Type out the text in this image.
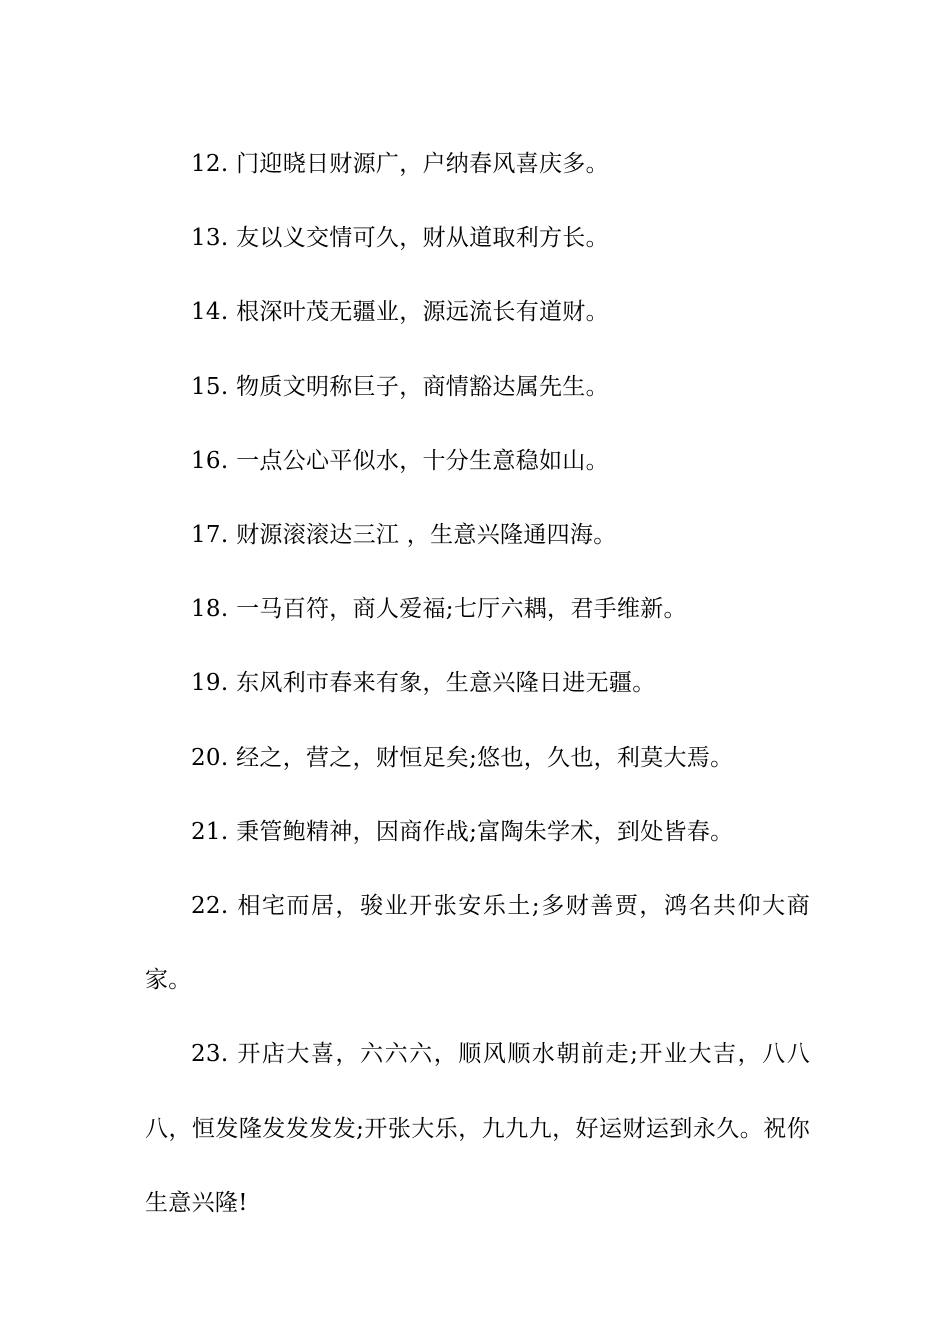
12. 门迎晓日财源广，户纳春风喜庆多。

13. 友以义交情可久，财从道取利方长。

14. 根深叶茂无疆业，源远流长有道财。

15. 物质文明称巨子，商情豁达属先生。

16. 一点公心平似水，十分生意稳如山。

17. 财源滚滚达三江 ，生意兴隆通四海。

18. 一马百符，商人爱福;七厅六耦，君手维新。

19. 东风利市春来有象，生意兴隆日进无疆。

20. 经之，营之，财恒足矣;悠也，久也，利莫大焉。

21. 秉管鲍精神，因商作战;富陶朱学术，到处皆春。

22. 相宅而居，骏业开张安乐土;多财善贾，鸿名共仰大商家。

23. 开店大喜，六六六，顺风顺水朝前走;开业大吉，八八八，恒发隆发发发发;开张大乐，九九九，好运财运到永久。祝你生意兴隆!
